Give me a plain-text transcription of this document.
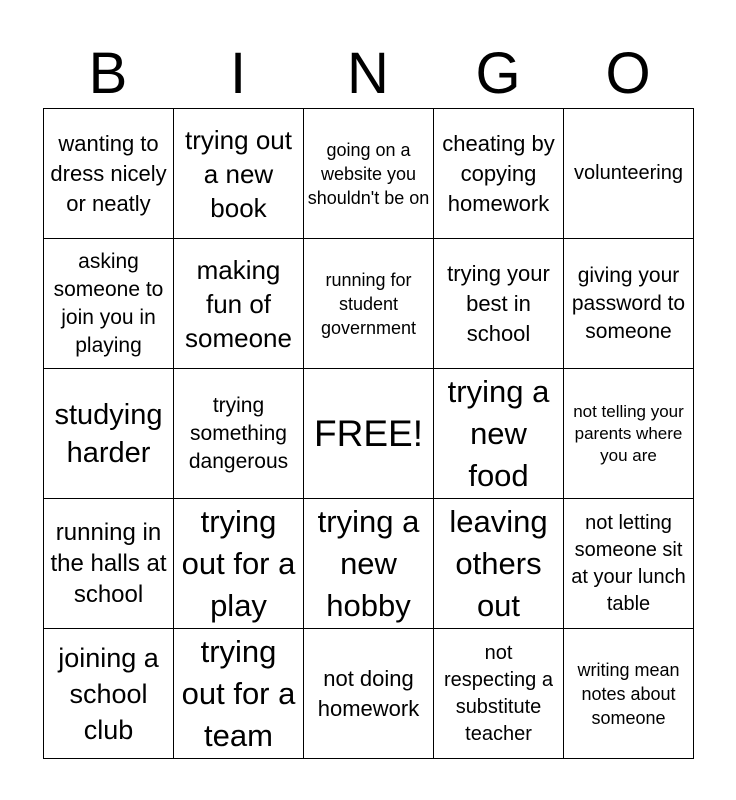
B	I	N	G	O
wanting to dress nicely or neatly	trying out a new book	going on a website you shouldn't be on	cheating by copying homework	volunteering
asking someone to join you in playing	making fun of someone	running for student government	trying your best in school	giving your password to someone
studying harder	trying something dangerous	FREE!	trying a new food	not telling your parents where you are
running in the halls at school	trying out for a play	trying a new hobby	leaving others out	not letting someone sit at your lunch table
joining a school club	trying out for a team	not doing homework	not respecting a substitute teacher	writing mean notes about someone
